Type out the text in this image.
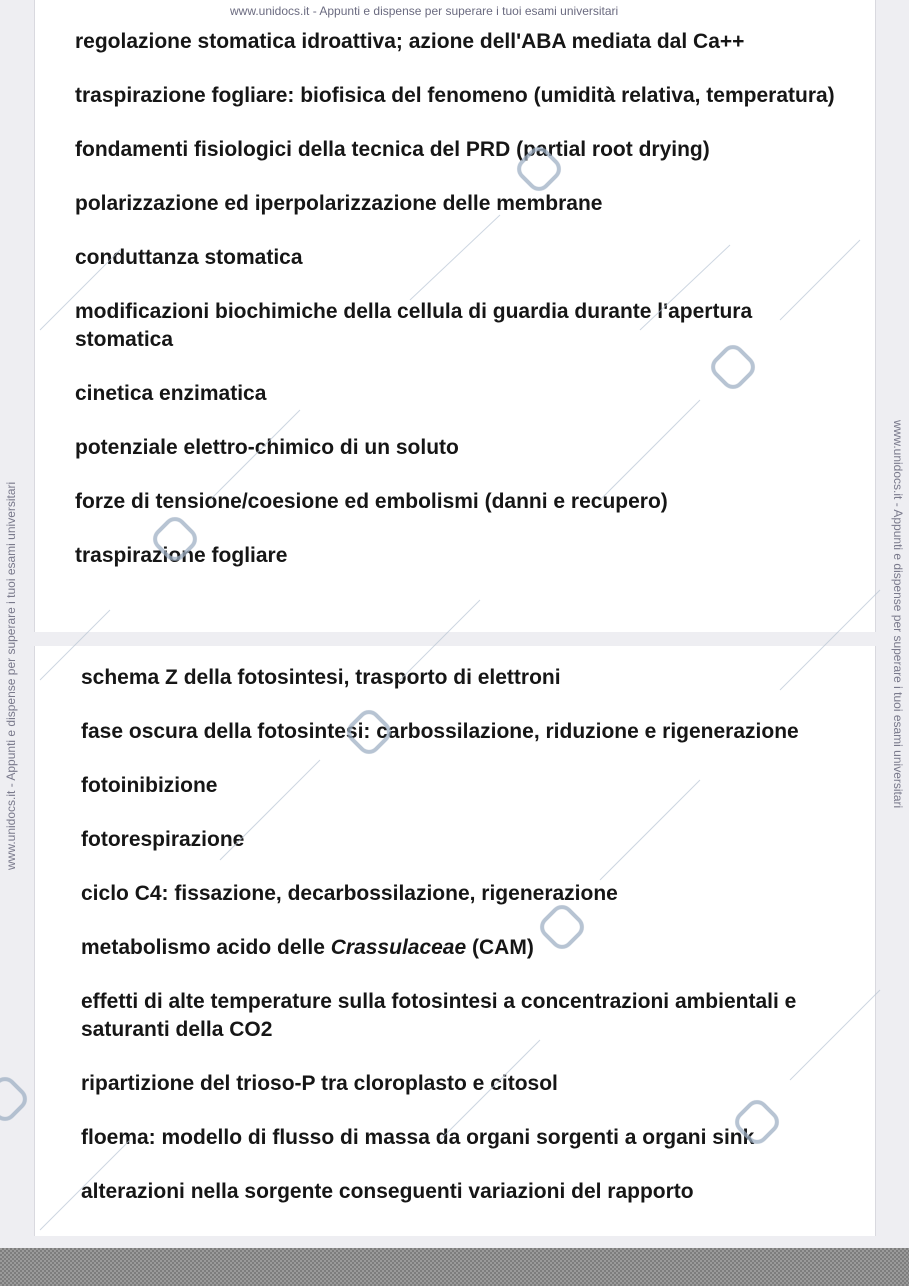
www.unidocs.it - Appunti e dispense per superare i tuoi esami universitari
www.unidocs.it - Appunti e dispense per superare i tuoi esami universitari	www.unidocs.it - Appunti e dispense per superare i tuoi esami universitari

regolazione stomatica idroattiva; azione dell'ABA mediata dal Ca++

traspirazione fogliare: biofisica del fenomeno (umidità relativa, temperatura)

fondamenti fisiologici della tecnica del PRD (partial root drying)

polarizzazione ed iperpolarizzazione delle membrane

conduttanza stomatica

modificazioni biochimiche della cellula di guardia durante l'apertura stomatica

cinetica enzimatica

potenziale elettro-chimico di un soluto

forze di tensione/coesione ed embolismi (danni e recupero)

traspirazione fogliare

schema Z della fotosintesi, trasporto di elettroni

fase oscura della fotosintesi: carbossilazione, riduzione e rigenerazione

fotoinibizione

fotorespirazione

ciclo C4: fissazione, decarbossilazione, rigenerazione

metabolismo acido delle Crassulaceae (CAM)

effetti di alte temperature sulla fotosintesi a concentrazioni ambientali e saturanti della CO2

ripartizione del trioso-P tra cloroplasto e citosol

floema: modello di flusso di massa da organi sorgenti a organi sink

alterazioni nella sorgente conseguenti variazioni del rapporto
